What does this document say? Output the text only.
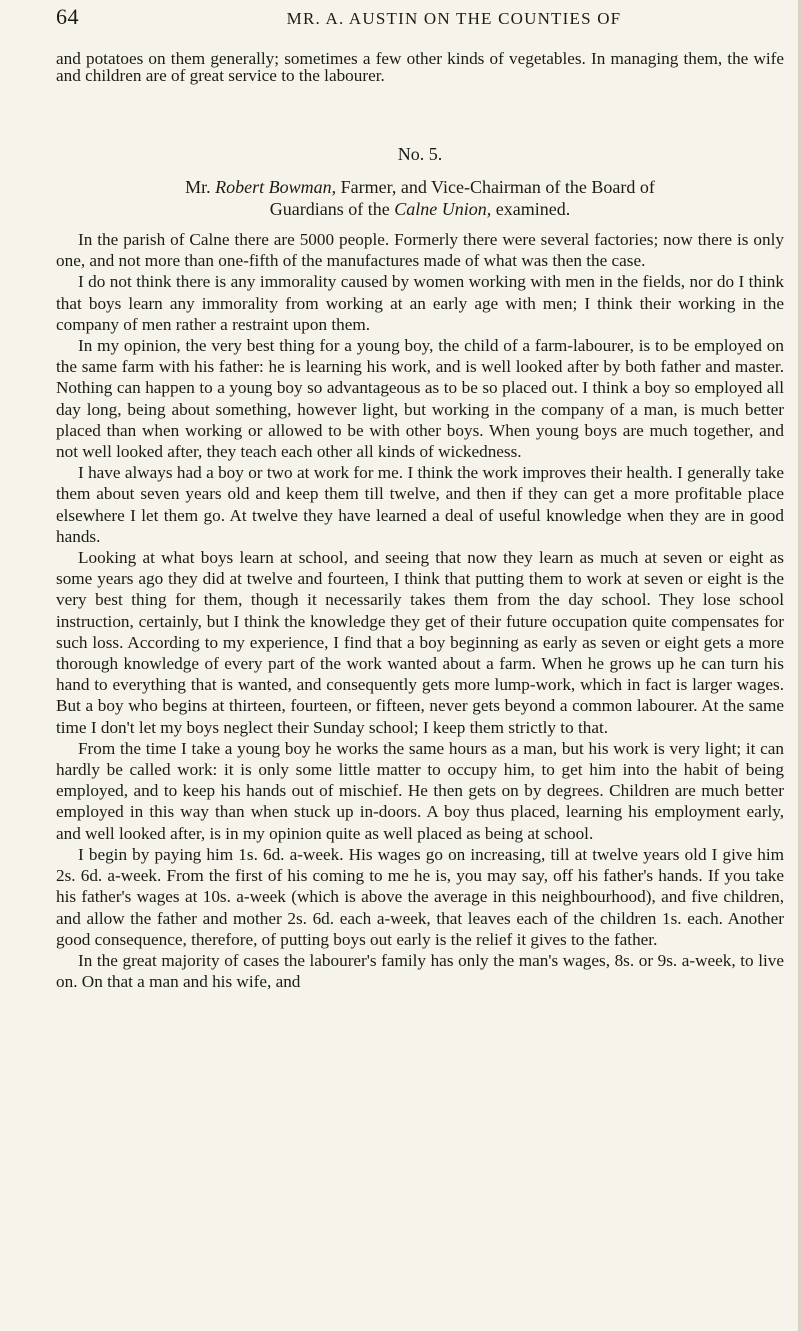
64	MR. A. AUSTIN ON THE COUNTIES OF

and potatoes on them generally; sometimes a few other kinds of vegetables. In managing them, the wife and children are of great service to the labourer.

No. 5.
Mr. Robert Bowman, Farmer, and Vice-Chairman of the Board of
Guardians of the Calne Union, examined.

In the parish of Calne there are 5000 people. Formerly there were several factories; now there is only one, and not more than one-fifth of the manufactures made of what was then the case.

I do not think there is any immorality caused by women working with men in the fields, nor do I think that boys learn any immorality from working at an early age with men; I think their working in the company of men rather a restraint upon them.

In my opinion, the very best thing for a young boy, the child of a farm-labourer, is to be employed on the same farm with his father: he is learning his work, and is well looked after by both father and master. Nothing can happen to a young boy so advantageous as to be so placed out. I think a boy so employed all day long, being about something, however light, but working in the company of a man, is much better placed than when working or allowed to be with other boys. When young boys are much together, and not well looked after, they teach each other all kinds of wickedness.

I have always had a boy or two at work for me. I think the work improves their health. I generally take them about seven years old and keep them till twelve, and then if they can get a more profitable place elsewhere I let them go. At twelve they have learned a deal of useful knowledge when they are in good hands.

Looking at what boys learn at school, and seeing that now they learn as much at seven or eight as some years ago they did at twelve and fourteen, I think that putting them to work at seven or eight is the very best thing for them, though it necessarily takes them from the day school. They lose school instruction, certainly, but I think the knowledge they get of their future occupation quite compensates for such loss. According to my experience, I find that a boy beginning as early as seven or eight gets a more thorough knowledge of every part of the work wanted about a farm. When he grows up he can turn his hand to everything that is wanted, and consequently gets more lump-work, which in fact is larger wages. But a boy who begins at thirteen, fourteen, or fifteen, never gets beyond a common labourer. At the same time I don't let my boys neglect their Sunday school; I keep them strictly to that.

From the time I take a young boy he works the same hours as a man, but his work is very light; it can hardly be called work: it is only some little matter to occupy him, to get him into the habit of being employed, and to keep his hands out of mischief. He then gets on by degrees. Children are much better employed in this way than when stuck up in-doors. A boy thus placed, learning his employment early, and well looked after, is in my opinion quite as well placed as being at school.

I begin by paying him 1s. 6d. a-week. His wages go on increasing, till at twelve years old I give him 2s. 6d. a-week. From the first of his coming to me he is, you may say, off his father's hands. If you take his father's wages at 10s. a-week (which is above the average in this neighbourhood), and five children, and allow the father and mother 2s. 6d. each a-week, that leaves each of the children 1s. each. Another good consequence, therefore, of putting boys out early is the relief it gives to the father.

In the great majority of cases the labourer's family has only the man's wages, 8s. or 9s. a-week, to live on. On that a man and his wife, and
